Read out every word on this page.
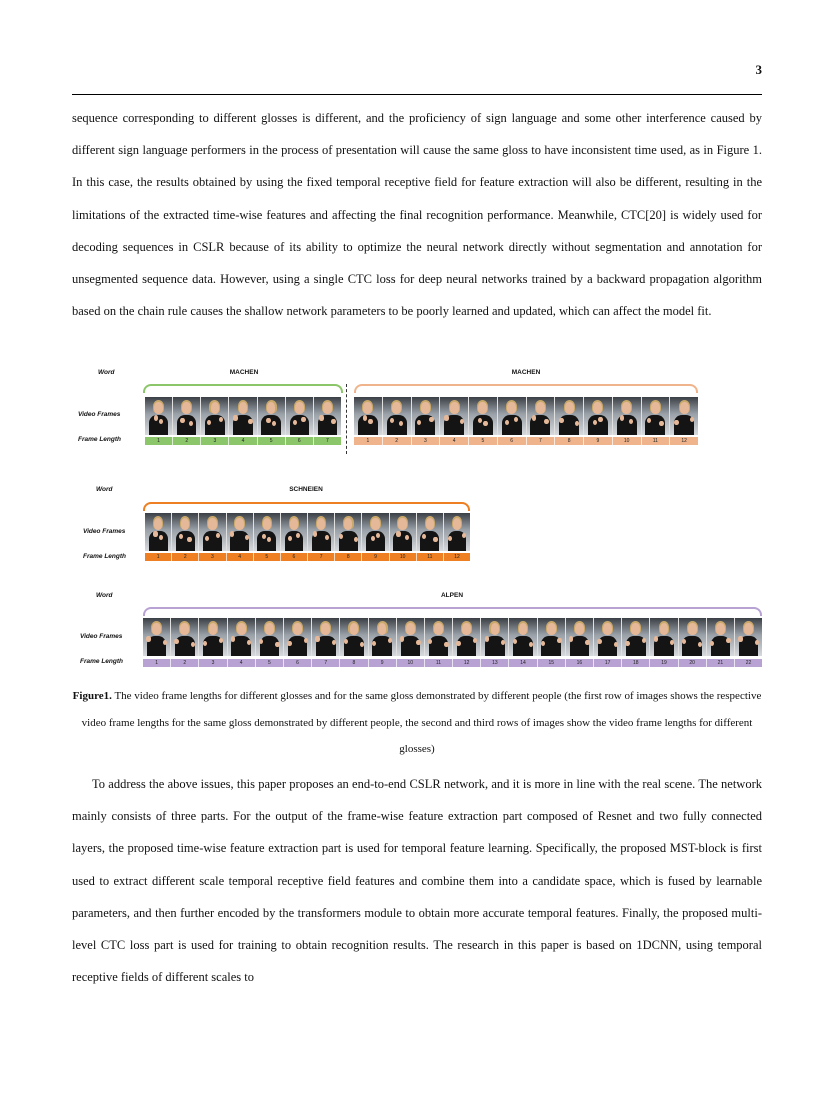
3

sequence corresponding to different glosses is different, and the proficiency of sign language and some other interference caused by different sign language performers in the process of presentation will cause the same gloss to have inconsistent time used, as in Figure 1. In this case, the results obtained by using the fixed temporal receptive field for feature extraction will also be different, resulting in the limitations of the extracted time-wise features and affecting the final recognition performance. Meanwhile, CTC[20] is widely used for decoding sequences in CSLR because of its ability to optimize the neural network directly without segmentation and annotation for unsegmented sequence data. However, using a single CTC loss for deep neural networks trained by a backward propagation algorithm based on the chain rule causes the shallow network parameters to be poorly learned and updated, which can affect the model fit.

Word
Video Frames
Frame Length
Word
Video Frames
Frame Length
Word
Video Frames
Frame Length
MACHEN	MACHEN
SCHNEIEN
ALPEN
1	2	3	4	5	6	7	1	2	3	4	5	6	7	8	9	10	11	12
1	2	3	4	5	6	7	8	9	10	11	12
1	2	3	4	5	6	7	8	9	10	11	12	13	14	15	16	17	18	19	20	21	22

Figure1. The video frame lengths for different glosses and for the same gloss demonstrated by different people (the first row of images shows the respective video frame lengths for the same gloss demonstrated by different people, the second and third rows of images show the video frame lengths for different glosses)

To address the above issues, this paper proposes an end-to-end CSLR network, and it is more in line with the real scene. The network mainly consists of three parts. For the output of the frame-wise feature extraction part composed of Resnet and two fully connected layers, the proposed time-wise feature extraction part is used for temporal feature learning. Specifically, the proposed MST-block is first used to extract different scale temporal receptive field features and combine them into a candidate space, which is fused by learnable parameters, and then further encoded by the transformers module to obtain more accurate temporal features. Finally, the proposed multi-level CTC loss part is used for training to obtain recognition results. The research in this paper is based on 1DCNN, using temporal receptive fields of different scales to
